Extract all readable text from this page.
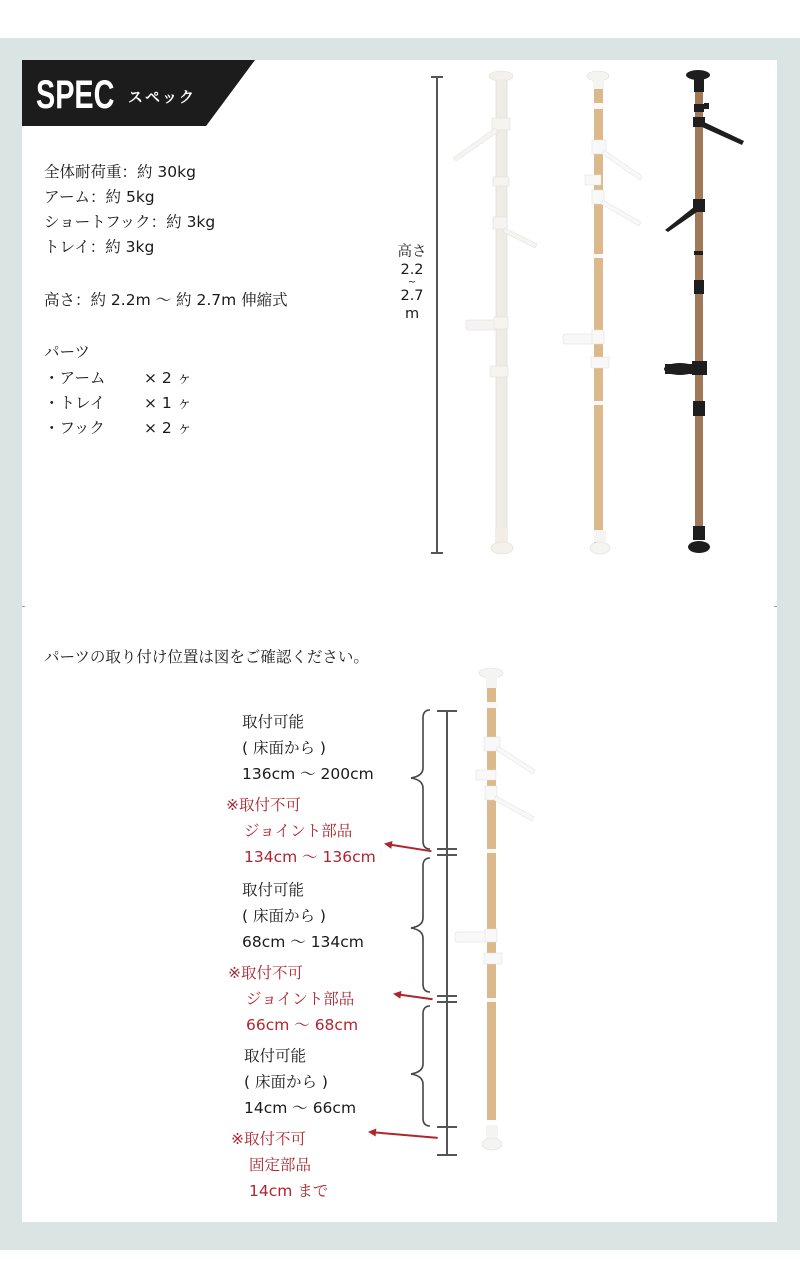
SPEC スペック
全体耐荷重：約 30kg
アーム：約 5kg
ショートフック：約 3kg
トレイ：約 3kg
高さ：約 2.2m 〜 約 2.7m 伸縮式
パーツ
・アーム × 2 ヶ
・トレイ	× 1 ヶ
・フック	× 2 ヶ
高さ
2.2
~
2.7
m
パーツの取り付け位置は図をご確認ください。
取付可能
( 床面から )
136cm 〜 200cm
※取付不可
ジョイント部品
134cm 〜 136cm
取付可能
( 床面から )
68cm 〜 134cm
※取付不可
ジョイント部品
66cm 〜 68cm
取付可能
( 床面から )
14cm 〜 66cm
※取付不可
固定部品
14cm まで
